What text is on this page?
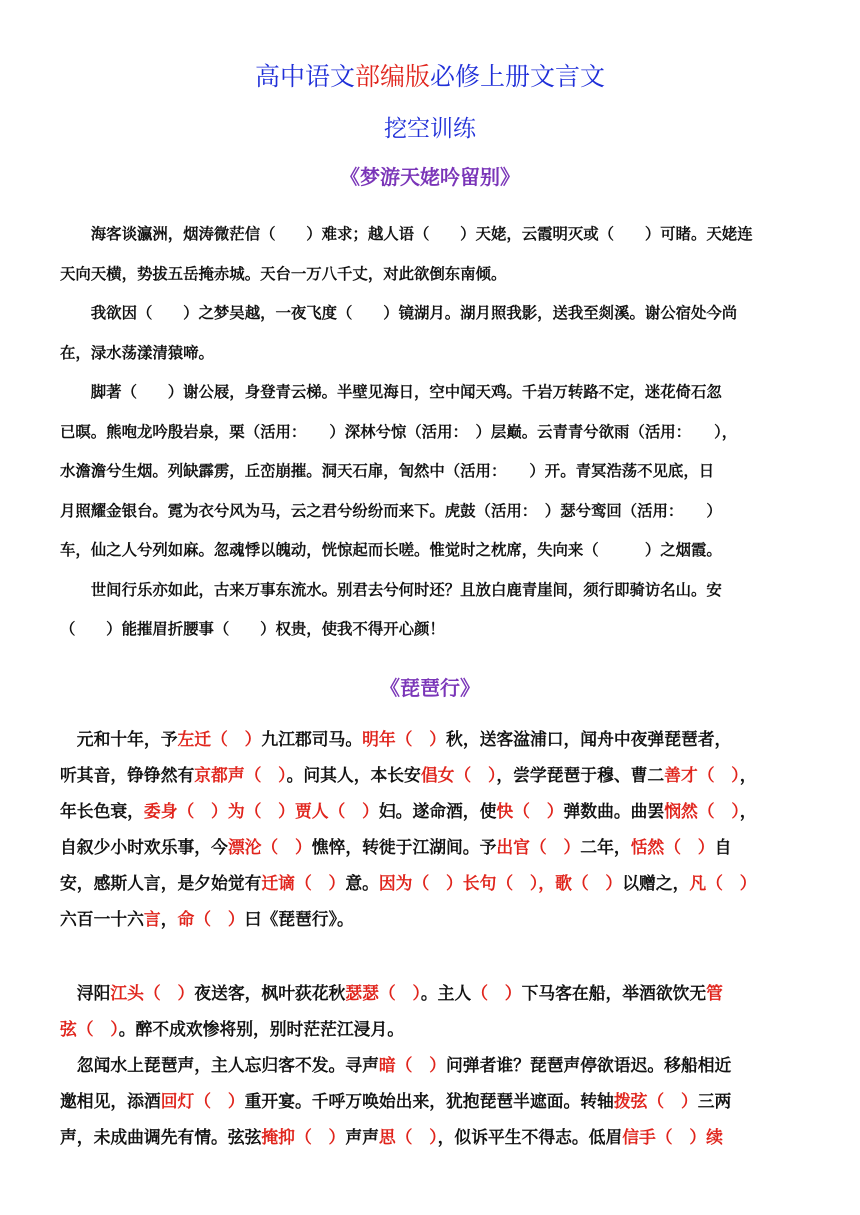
高中语文部编版必修上册文言文
挖空训练
《梦游天姥吟留别》
　　海客谈瀛洲，烟涛微茫信（　　）难求；越人语（　　）天姥，云霞明灭或（　　）可睹。天姥连
天向天横，势拔五岳掩赤城。天台一万八千丈，对此欲倒东南倾。
　　我欲因（　　）之梦吴越，一夜飞度（　　）镜湖月。湖月照我影，送我至剡溪。谢公宿处今尚
在，渌水荡漾清猿啼。
　　脚著（　　）谢公屐，身登青云梯。半壁见海日，空中闻天鸡。千岩万转路不定，迷花倚石忽
已暝。熊咆龙吟殷岩泉，栗（活用：　　）深林兮惊（活用：　）层巅。云青青兮欲雨（活用：　　），
水澹澹兮生烟。列缺霹雳，丘峦崩摧。洞天石扉，訇然中（活用：　　）开。青冥浩荡不见底，日
月照耀金银台。霓为衣兮风为马，云之君兮纷纷而来下。虎鼓（活用：　）瑟兮鸾回（活用：　　）
车，仙之人兮列如麻。忽魂悸以魄动，恍惊起而长嗟。惟觉时之枕席，失向来（　　　）之烟霞。
　　世间行乐亦如此，古来万事东流水。别君去兮何时还？且放白鹿青崖间，须行即骑访名山。安
（　　）能摧眉折腰事（　　）权贵，使我不得开心颜！
《琵琶行》
　元和十年，予左迁（　）九江郡司马。明年（　）秋，送客湓浦口，闻舟中夜弹琵琶者，
听其音，铮铮然有京都声（　）。问其人，本长安倡女（　），尝学琵琶于穆、曹二善才（　），
年长色衰，委身（　）为（　）贾人（　）妇。遂命酒，使快（　）弹数曲。曲罢悯然（　），
自叙少小时欢乐事，今漂沦（　）憔悴，转徙于江湖间。予出官（　）二年，恬然（　）自
安，感斯人言，是夕始觉有迁谪（　）意。因为（　）长句（　），歌（　）以赠之，凡（　）
六百一十六言，命（　）曰《琵琶行》。
　浔阳江头（　）夜送客，枫叶荻花秋瑟瑟（　）。主人（　）下马客在船，举酒欲饮无管
弦（　）。醉不成欢惨将别，别时茫茫江浸月。
　忽闻水上琵琶声，主人忘归客不发。寻声暗（　）问弹者谁？琵琶声停欲语迟。移船相近
邀相见，添酒回灯（　）重开宴。千呼万唤始出来，犹抱琵琶半遮面。转轴拨弦（　）三两
声，未成曲调先有情。弦弦掩抑（　）声声思（　），似诉平生不得志。低眉信手（　）续
